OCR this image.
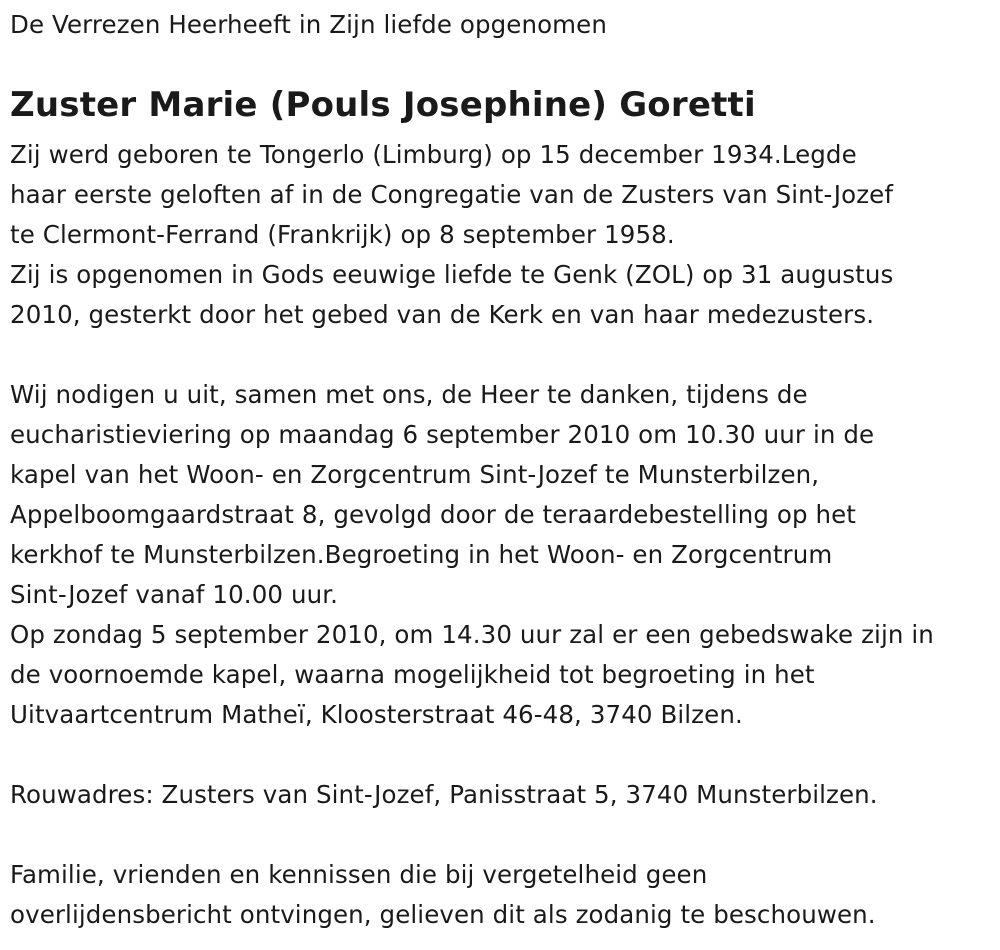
De Verrezen Heerheeft in Zijn liefde opgenomen
Zuster Marie (Pouls Josephine) Goretti
Zij werd geboren te Tongerlo (Limburg) op 15 december 1934.Legde
haar eerste geloften af in de Congregatie van de Zusters van Sint-Jozef
te Clermont-Ferrand (Frankrijk) op 8 september 1958.
Zij is opgenomen in Gods eeuwige liefde te Genk (ZOL) op 31 augustus
2010, gesterkt door het gebed van de Kerk en van haar medezusters.
Wij nodigen u uit, samen met ons, de Heer te danken, tijdens de
eucharistieviering op maandag 6 september 2010 om 10.30 uur in de
kapel van het Woon- en Zorgcentrum Sint-Jozef te Munsterbilzen,
Appelboomgaardstraat 8, gevolgd door de teraardebestelling op het
kerkhof te Munsterbilzen.Begroeting in het Woon- en Zorgcentrum
Sint-Jozef vanaf 10.00 uur.
Op zondag 5 september 2010, om 14.30 uur zal er een gebedswake zijn in
de voornoemde kapel, waarna mogelijkheid tot begroeting in het
Uitvaartcentrum Matheï, Kloosterstraat 46-48, 3740 Bilzen.
Rouwadres: Zusters van Sint-Jozef, Panisstraat 5, 3740 Munsterbilzen.
Familie, vrienden en kennissen die bij vergetelheid geen
overlijdensbericht ontvingen, gelieven dit als zodanig te beschouwen.
